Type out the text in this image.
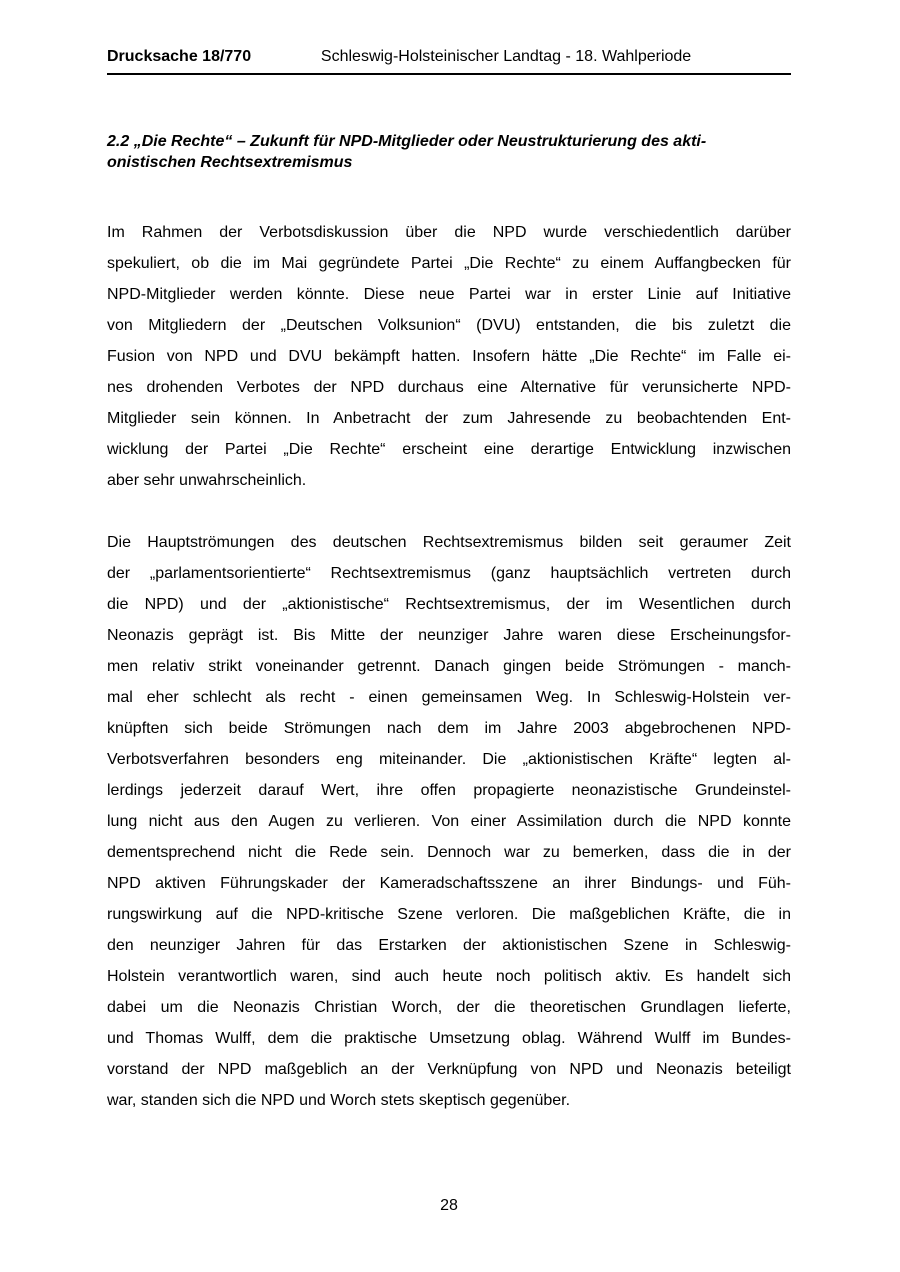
Drucksache 18/770	Schleswig-Holsteinischer Landtag - 18. Wahlperiode
2.2 „Die Rechte“ – Zukunft für NPD-Mitglieder oder Neustrukturierung des akti-
onistischen Rechtsextremismus
Im Rahmen der Verbotsdiskussion über die NPD wurde verschiedentlich darüber
spekuliert, ob die im Mai gegründete Partei „Die Rechte“ zu einem Auffangbecken für
NPD-Mitglieder werden könnte. Diese neue Partei war in erster Linie auf Initiative
von Mitgliedern der „Deutschen Volksunion“ (DVU) entstanden, die bis zuletzt die
Fusion von NPD und DVU bekämpft hatten. Insofern hätte „Die Rechte“ im Falle ei-
nes drohenden Verbotes der NPD durchaus eine Alternative für verunsicherte NPD-
Mitglieder sein können. In Anbetracht der zum Jahresende zu beobachtenden Ent-
wicklung der Partei „Die Rechte“ erscheint eine derartige Entwicklung inzwischen
aber sehr unwahrscheinlich.
Die Hauptströmungen des deutschen Rechtsextremismus bilden seit geraumer Zeit
der „parlamentsorientierte“ Rechtsextremismus (ganz hauptsächlich vertreten durch
die NPD) und der „aktionistische“ Rechtsextremismus, der im Wesentlichen durch
Neonazis geprägt ist. Bis Mitte der neunziger Jahre waren diese Erscheinungsfor-
men relativ strikt voneinander getrennt. Danach gingen beide Strömungen - manch-
mal eher schlecht als recht - einen gemeinsamen Weg. In Schleswig-Holstein ver-
knüpften sich beide Strömungen nach dem im Jahre 2003 abgebrochenen NPD-
Verbotsverfahren besonders eng miteinander. Die „aktionistischen Kräfte“ legten al-
lerdings jederzeit darauf Wert, ihre offen propagierte neonazistische Grundeinstel-
lung nicht aus den Augen zu verlieren. Von einer Assimilation durch die NPD konnte
dementsprechend nicht die Rede sein. Dennoch war zu bemerken, dass die in der
NPD aktiven Führungskader der Kameradschaftsszene an ihrer Bindungs- und Füh-
rungswirkung auf die NPD-kritische Szene verloren. Die maßgeblichen Kräfte, die in
den neunziger Jahren für das Erstarken der aktionistischen Szene in Schleswig-
Holstein verantwortlich waren, sind auch heute noch politisch aktiv. Es handelt sich
dabei um die Neonazis Christian Worch, der die theoretischen Grundlagen lieferte,
und Thomas Wulff, dem die praktische Umsetzung oblag. Während Wulff im Bundes-
vorstand der NPD maßgeblich an der Verknüpfung von NPD und Neonazis beteiligt
war, standen sich die NPD und Worch stets skeptisch gegenüber.
28
